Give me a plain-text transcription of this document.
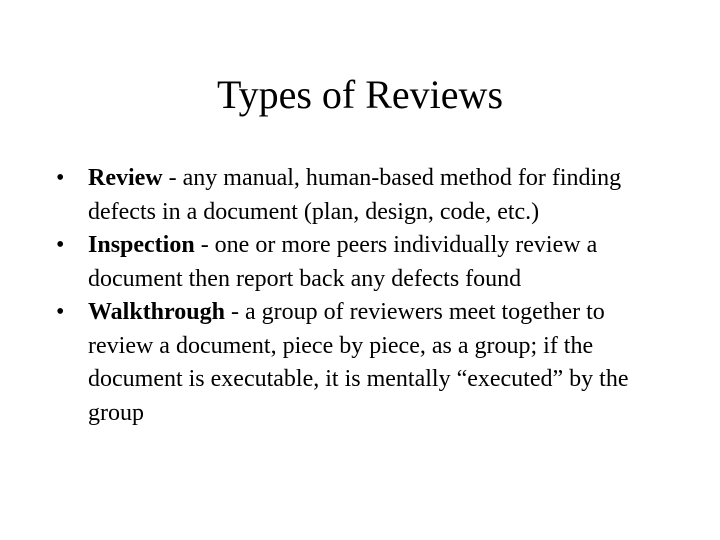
Types of Reviews
• Review - any manual, human-based method for finding defects in a document (plan, design, code, etc.)
• Inspection - one or more peers individually review a document then report back any defects found
• Walkthrough - a group of reviewers meet together to review a document, piece by piece, as a group; if the document is executable, it is mentally “executed” by the group
